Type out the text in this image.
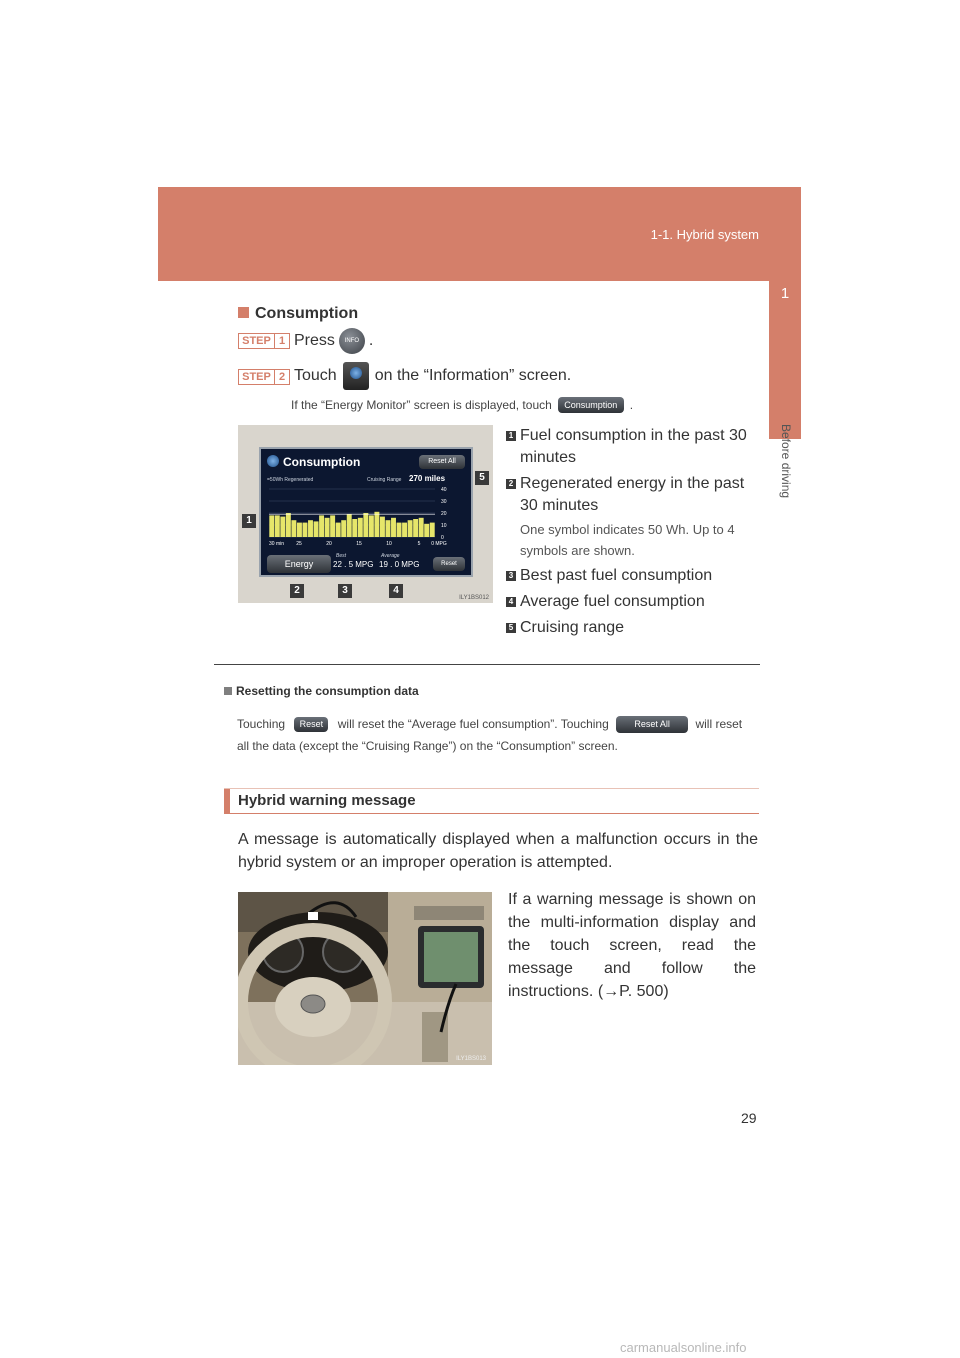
1-1. Hybrid system
1
Before driving
Consumption
STEP 1 Press	INFO .
STEP 2 Touch on the “Information” screen.
If the “Energy Monitor” screen is displayed, touch	Consumption	.
Consumption	Reset All
=50Wh Regenerated	Cruising Range 270 miles
40
30
20
10
0
30 min 25	20	15	10	5 0 MPG
Energy
Best	Average
22 . 5 MPG 19 . 0 MPG	Reset
1
2	3	4
5
ILY1BS012
1 Fuel consumption in the past 30 minutes
2 Regenerated energy in the past 30 minutes
One symbol indicates 50 Wh. Up to 4 symbols are shown.
3 Best past fuel consumption
4 Average fuel consumption
5 Cruising range
Resetting the consumption data
Touching Reset will reset the “Average fuel consumption”. Touching	Reset All will reset all the data (except the “Cruising Range”) on the “Consumption” screen.
Hybrid warning message
A message is automatically displayed when a malfunction occurs in the hybrid system or an improper operation is attempted.
ILY1BS013
If a warning message is shown on the multi-information display and the touch screen, read the message and follow the instructions. (→P. 500)
29
carmanualsonline.info
